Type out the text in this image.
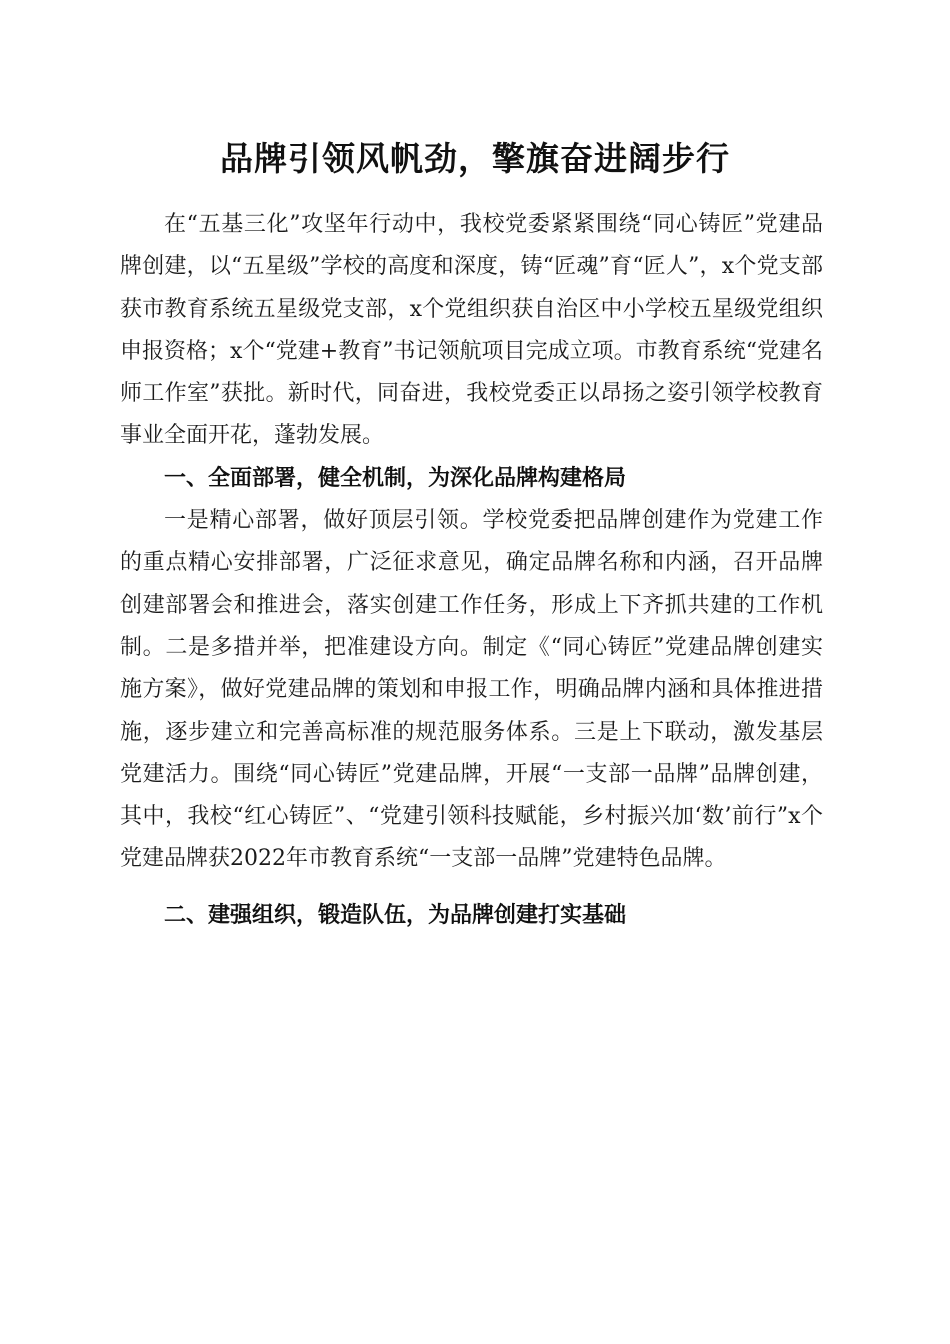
品牌引领风帆劲，擎旗奋进阔步行

在“五基三化”攻坚年行动中，我校党委紧紧围绕“同心铸匠”党建品牌创建，以“五星级”学校的高度和深度，铸“匠魂”育“匠人”，x个党支部获市教育系统五星级党支部，x个党组织获自治区中小学校五星级党组织申报资格；x个“党建+教育”书记领航项目完成立项。市教育系统“党建名师工作室”获批。新时代，同奋进，我校党委正以昂扬之姿引领学校教育事业全面开花，蓬勃发展。

一、全面部署，健全机制，为深化品牌构建格局

一是精心部署，做好顶层引领。学校党委把品牌创建作为党建工作的重点精心安排部署，广泛征求意见，确定品牌名称和内涵，召开品牌创建部署会和推进会，落实创建工作任务，形成上下齐抓共建的工作机制。二是多措并举，把准建设方向。制定《“同心铸匠”党建品牌创建实施方案》，做好党建品牌的策划和申报工作，明确品牌内涵和具体推进措施，逐步建立和完善高标准的规范服务体系。三是上下联动，激发基层党建活力。围绕“同心铸匠”党建品牌，开展“一支部一品牌”品牌创建，其中，我校“红心铸匠”、“党建引领科技赋能，乡村振兴加‘数’前行”x个党建品牌获2022年市教育系统“一支部一品牌”党建特色品牌。

二、建强组织，锻造队伍，为品牌创建打实基础
